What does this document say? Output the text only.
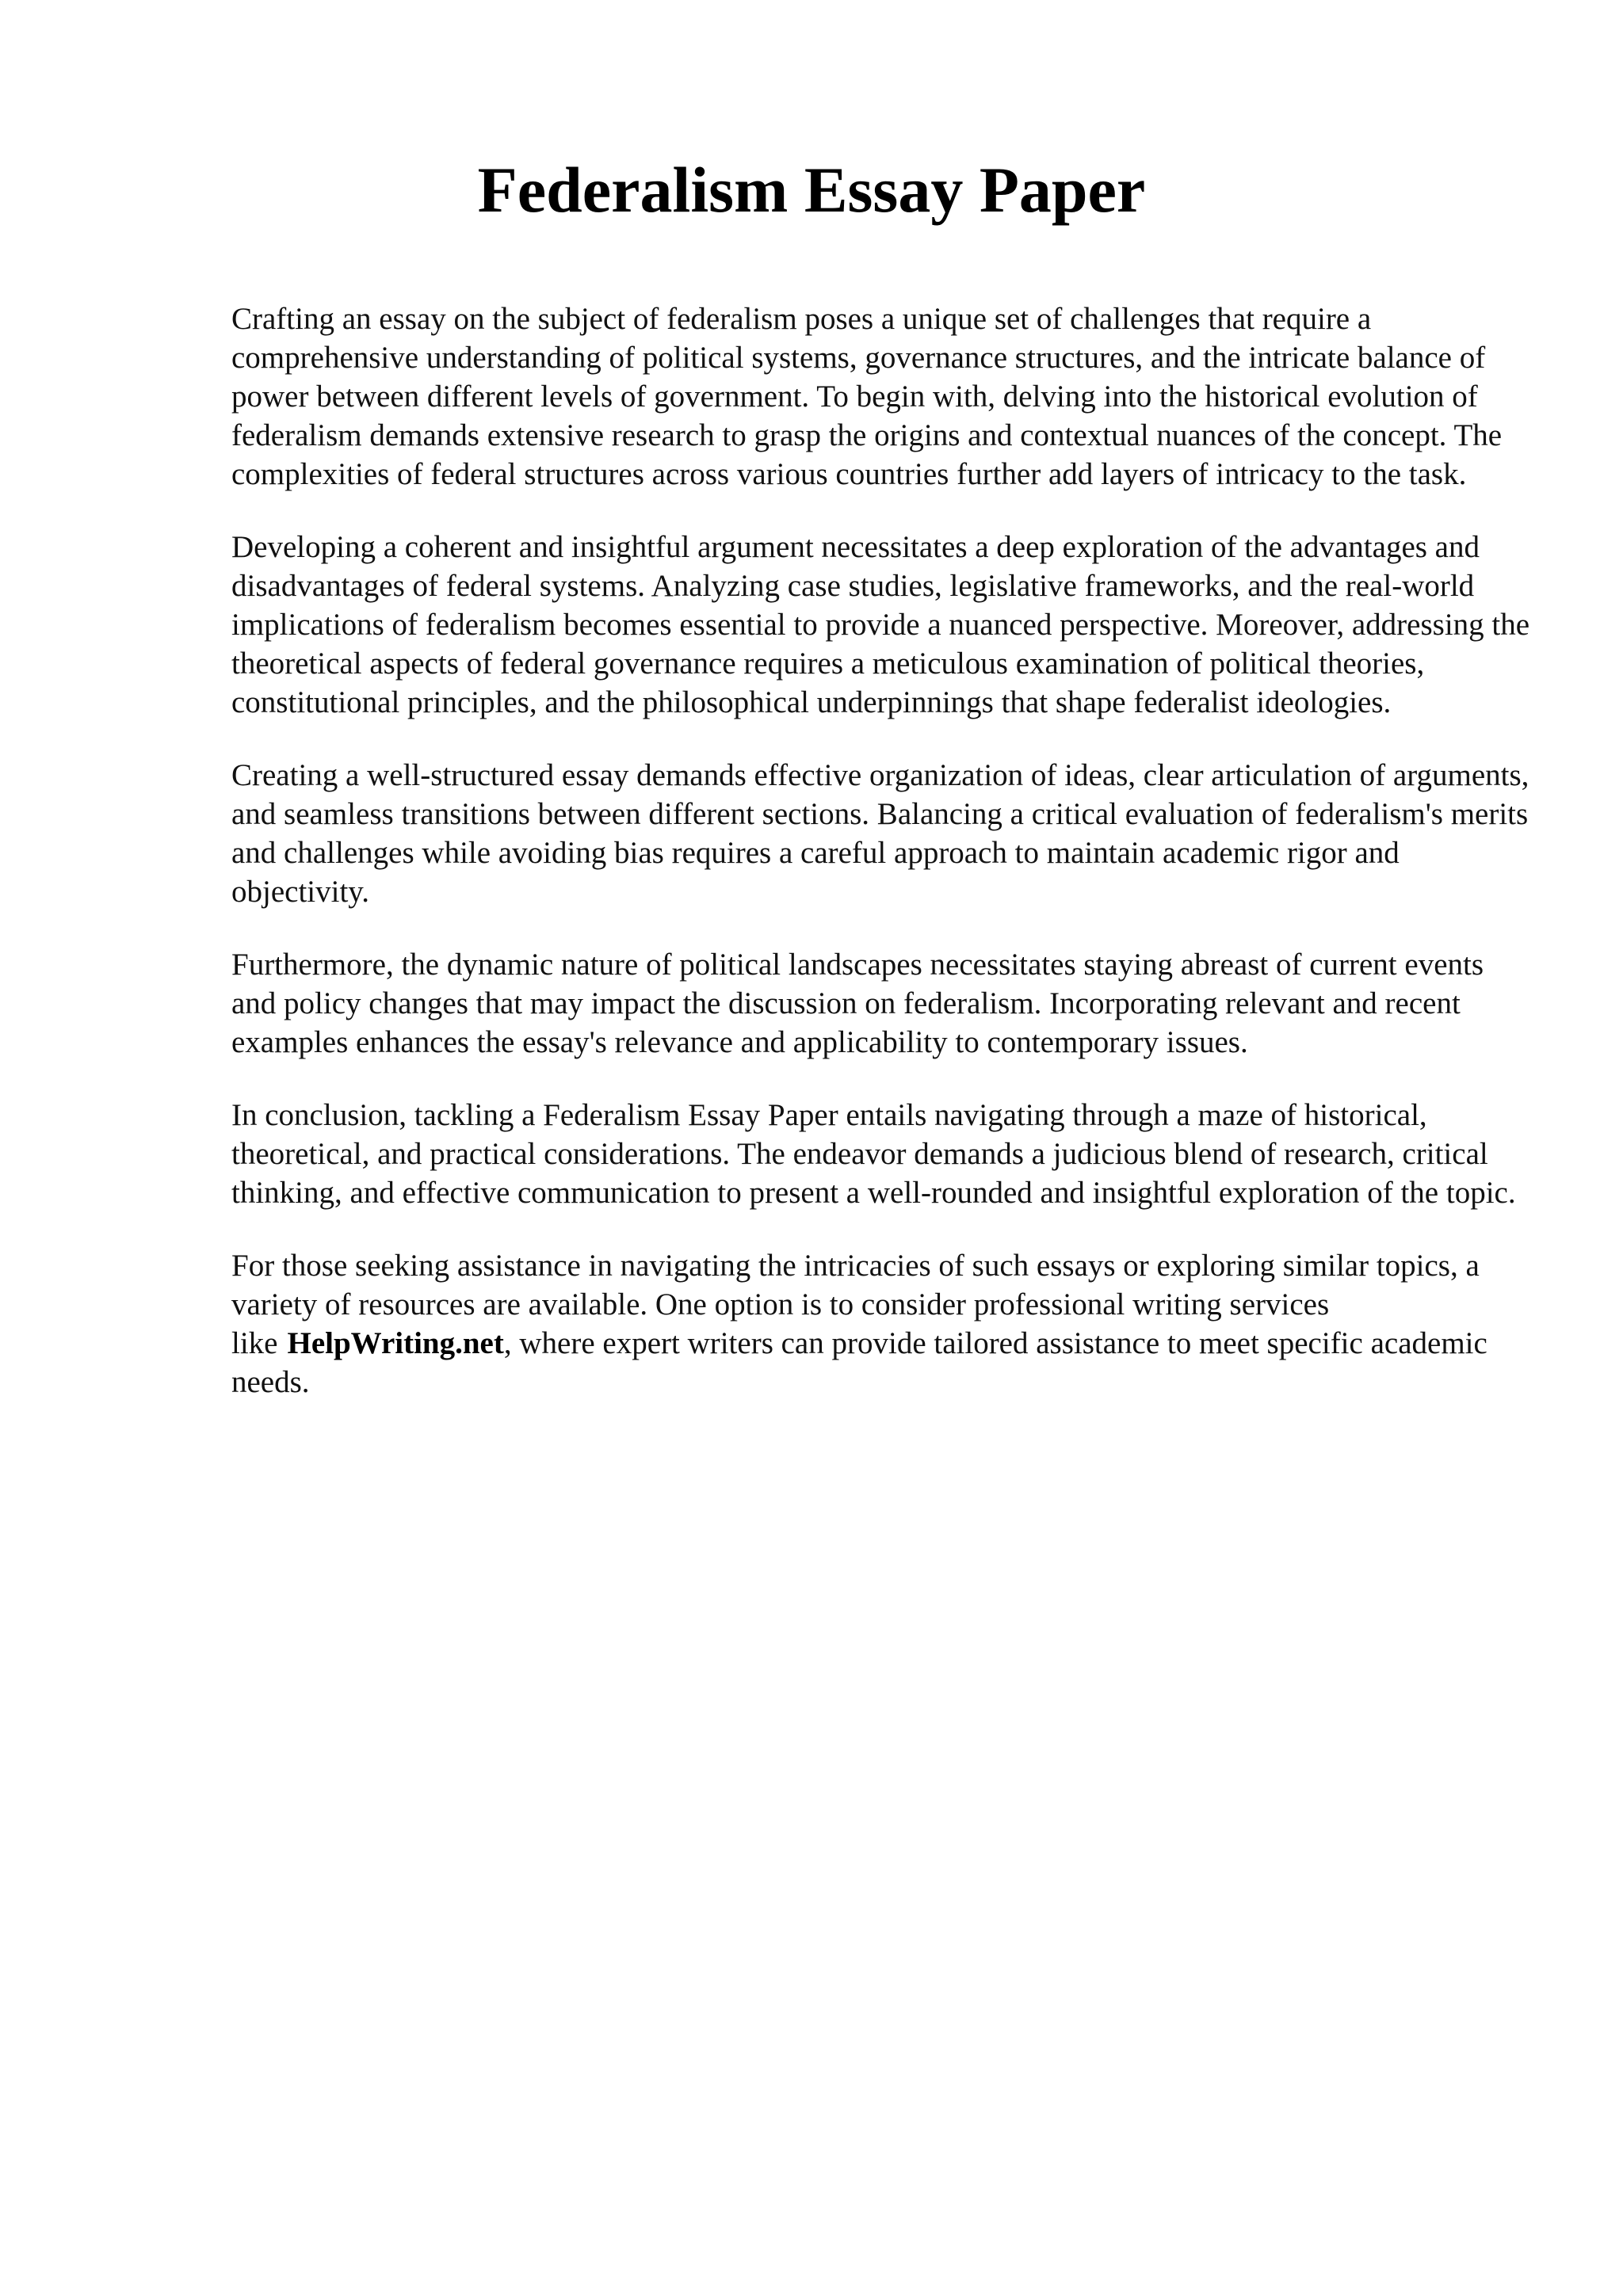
Federalism Essay Paper

Crafting an essay on the subject of federalism poses a unique set of challenges that require a comprehensive understanding of political systems, governance structures, and the intricate balance of power between different levels of government. To begin with, delving into the historical evolution of federalism demands extensive research to grasp the origins and contextual nuances of the concept. The complexities of federal structures across various countries further add layers of intricacy to the task.

Developing a coherent and insightful argument necessitates a deep exploration of the advantages and disadvantages of federal systems. Analyzing case studies, legislative frameworks, and the real-world implications of federalism becomes essential to provide a nuanced perspective. Moreover, addressing the theoretical aspects of federal governance requires a meticulous examination of political theories, constitutional principles, and the philosophical underpinnings that shape federalist ideologies.

Creating a well-structured essay demands effective organization of ideas, clear articulation of arguments, and seamless transitions between different sections. Balancing a critical evaluation of federalism's merits and challenges while avoiding bias requires a careful approach to maintain academic rigor and objectivity.

Furthermore, the dynamic nature of political landscapes necessitates staying abreast of current events and policy changes that may impact the discussion on federalism. Incorporating relevant and recent examples enhances the essay's relevance and applicability to contemporary issues.

In conclusion, tackling a Federalism Essay Paper entails navigating through a maze of historical, theoretical, and practical considerations. The endeavor demands a judicious blend of research, critical thinking, and effective communication to present a well-rounded and insightful exploration of the topic.

For those seeking assistance in navigating the intricacies of such essays or exploring similar topics, a variety of resources are available. One option is to consider professional writing services like HelpWriting.net, where expert writers can provide tailored assistance to meet specific academic needs.
